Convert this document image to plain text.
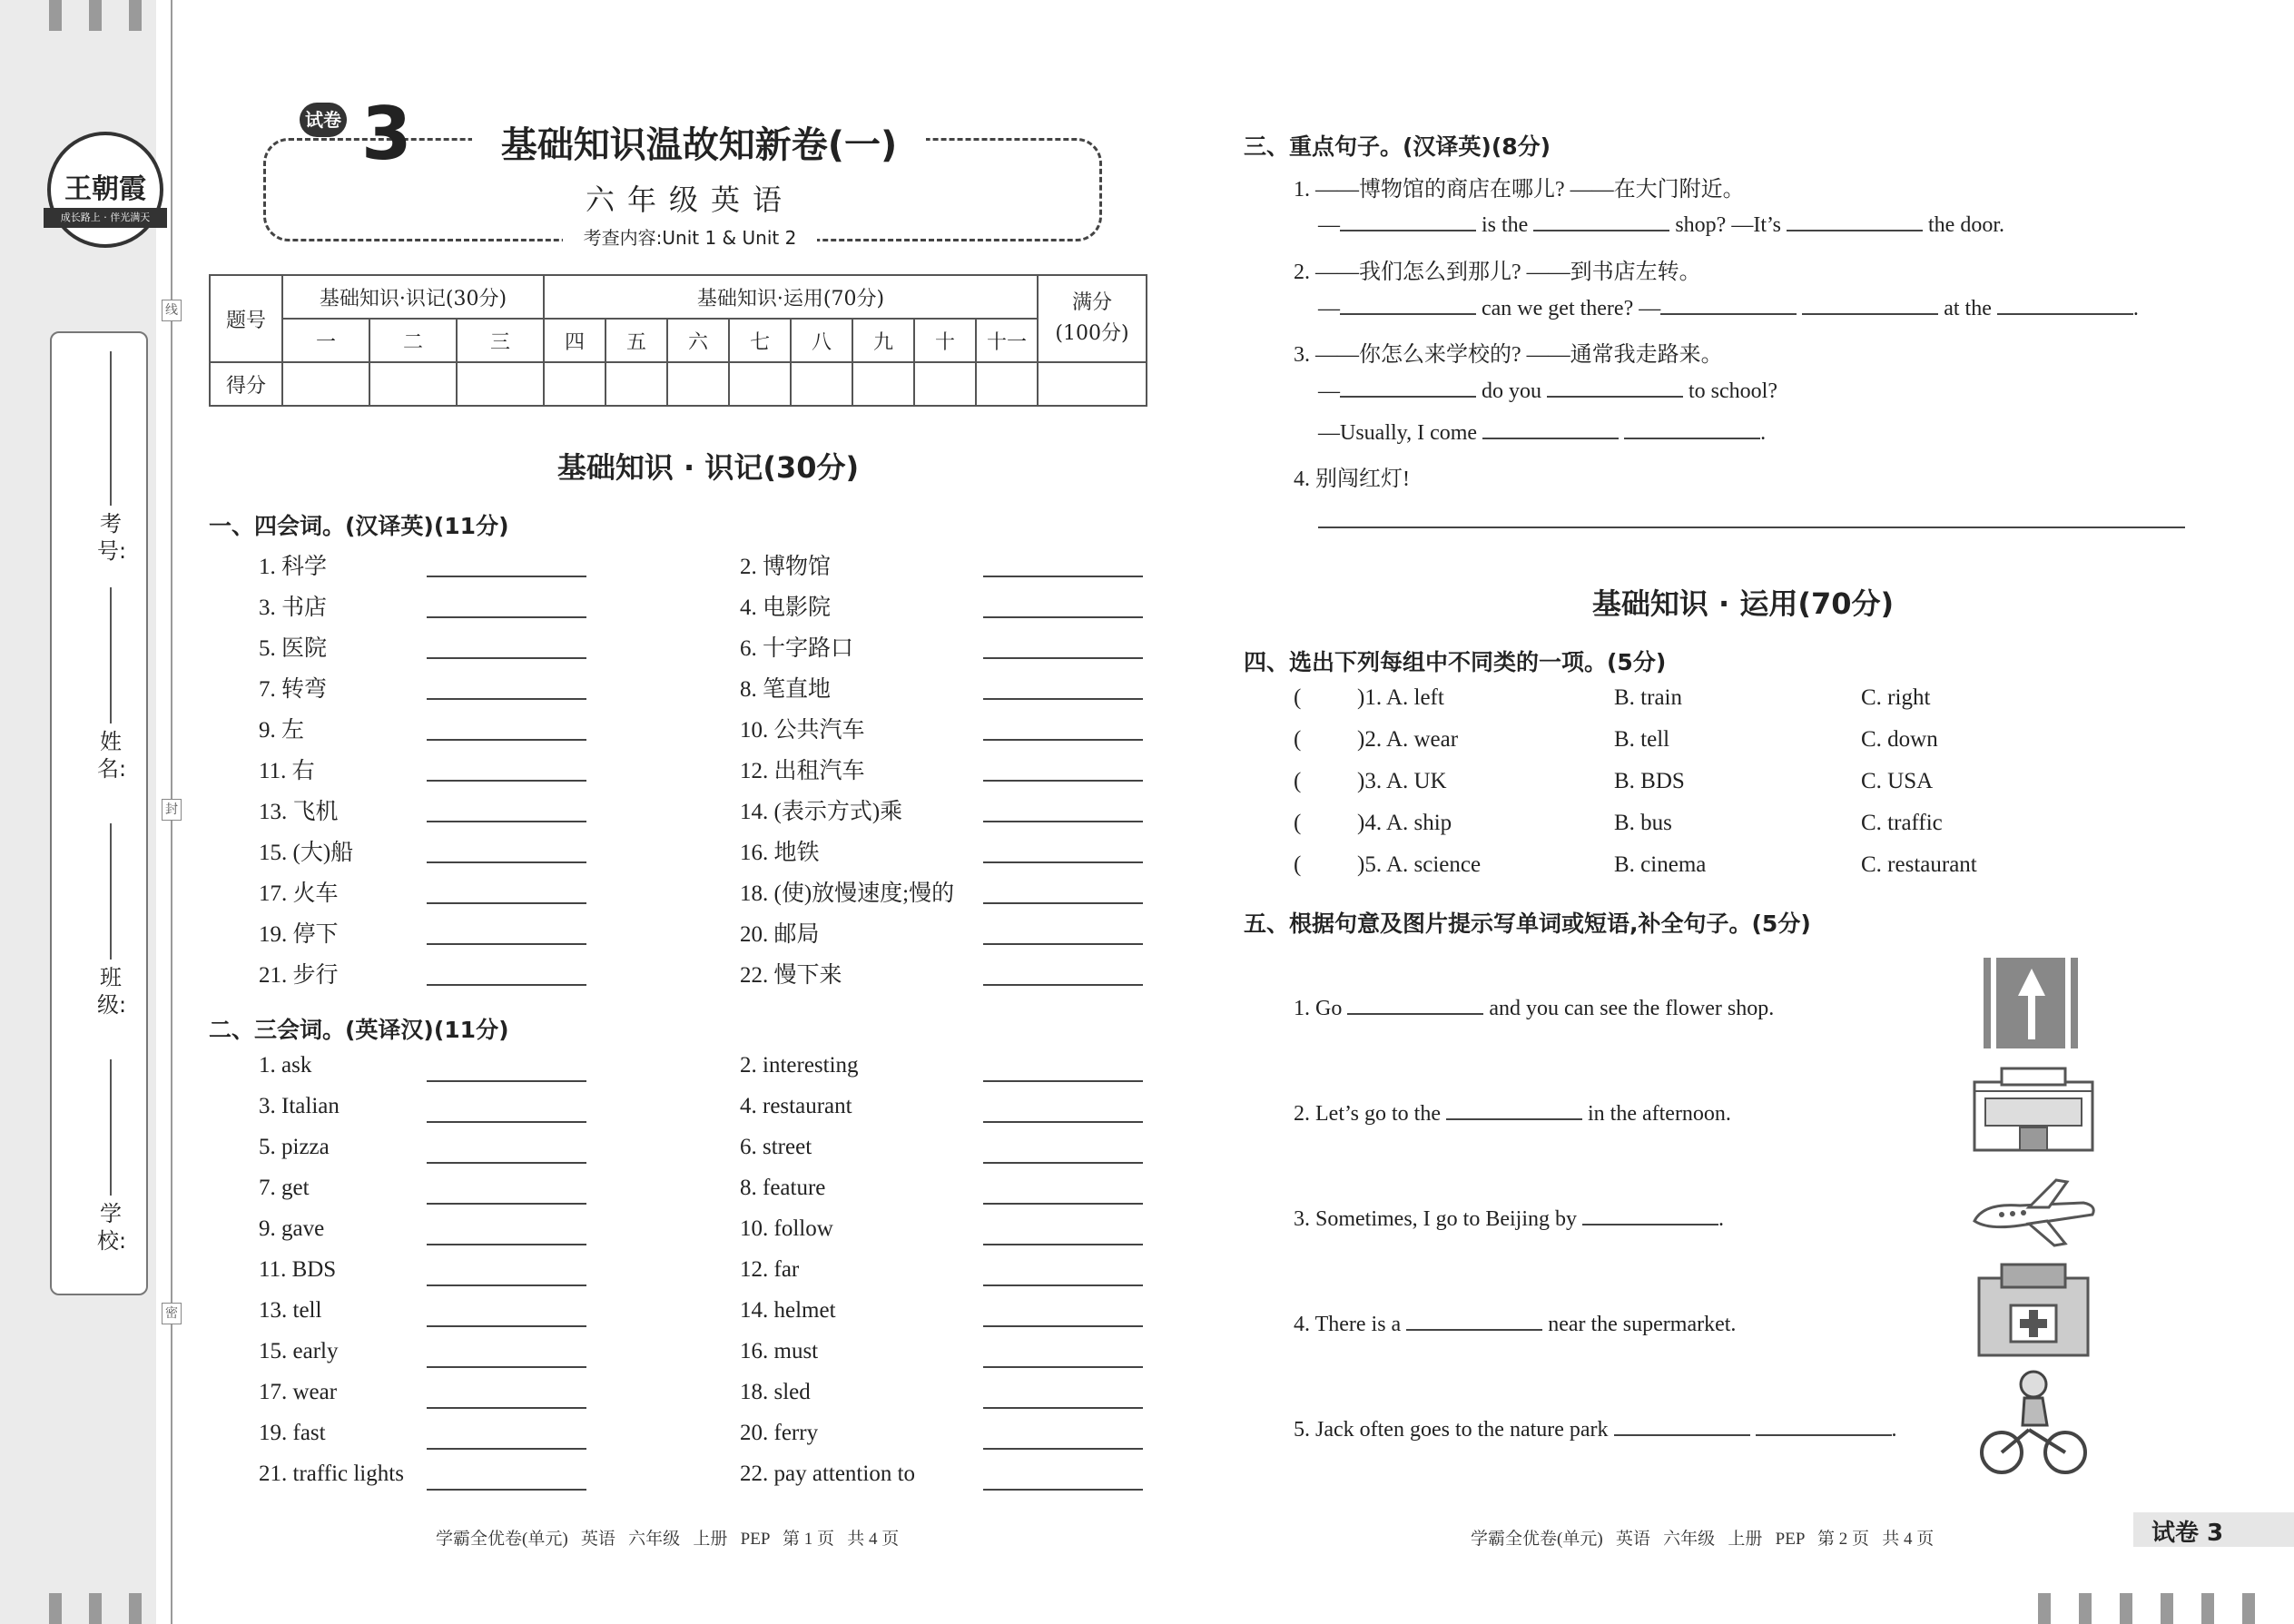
线
封
密
王朝霞
成长路上 · 伴光满天
考号:
姓名:
班级:
学校:
试卷 3	基础知识温故知新卷(一)
六年级英语
考查内容:Unit 1 & Unit 2
题号	基础知识·识记(30分)			基础知识·运用(70分)								满分
(100分)

	一	二	三	四	五	六	七	八	九	十	十一	
得分												
基础知识 · 识记(30分)
一、四会词。(汉译英)(11分)
1. 科学	2. 博物馆
3. 书店	4. 电影院
5. 医院	6. 十字路口
7. 转弯	8. 笔直地
9. 左	10. 公共汽车
11. 右	12. 出租汽车
13. 飞机	14. (表示方式)乘
15. (大)船	16. 地铁
17. 火车	18. (使)放慢速度;慢的
19. 停下	20. 邮局
21. 步行	22. 慢下来
二、三会词。(英译汉)(11分)
1. ask	2. interesting
3. Italian	4. restaurant
5. pizza	6. street
7. get	8. feature
9. gave	10. follow
11. BDS	12. far
13. tell	14. helmet
15. early	16. must
17. wear	18. sled
19. fast	20. ferry
21. traffic lights	22. pay attention to
学霸全优卷(单元)   英语   六年级   上册   PEP   第 1 页   共 4 页
三、重点句子。(汉译英)(8分)
1. ——博物馆的商店在哪儿? ——在大门附近。
—	is the	shop? —It’s	the door.
2. ——我们怎么到那儿? ——到书店左转。
—	can we get there? —	at the	.
3. ——你怎么来学校的? ——通常我走路来。
—	do you	to school?
—Usually, I come	.
4. 别闯红灯!
基础知识 · 运用(70分)
四、选出下列每组中不同类的一项。(5分)
( )1. A. left	B. train	C. right
( )2. A. wear	B. tell	C. down
( )3. A. UK	B. BDS	C. USA
( )4. A. ship	B. bus	C. traffic
( )5. A. science	B. cinema	C. restaurant
五、根据句意及图片提示写单词或短语,补全句子。(5分)
1. Go	and you can see the flower shop.
2. Let’s go to the	in the afternoon.
3. Sometimes, I go to Beijing by	.
4. There is a	near the supermarket.
5. Jack often goes to the nature park	.
学霸全优卷(单元)   英语   六年级   上册   PEP   第 2 页   共 4 页	试卷 3
